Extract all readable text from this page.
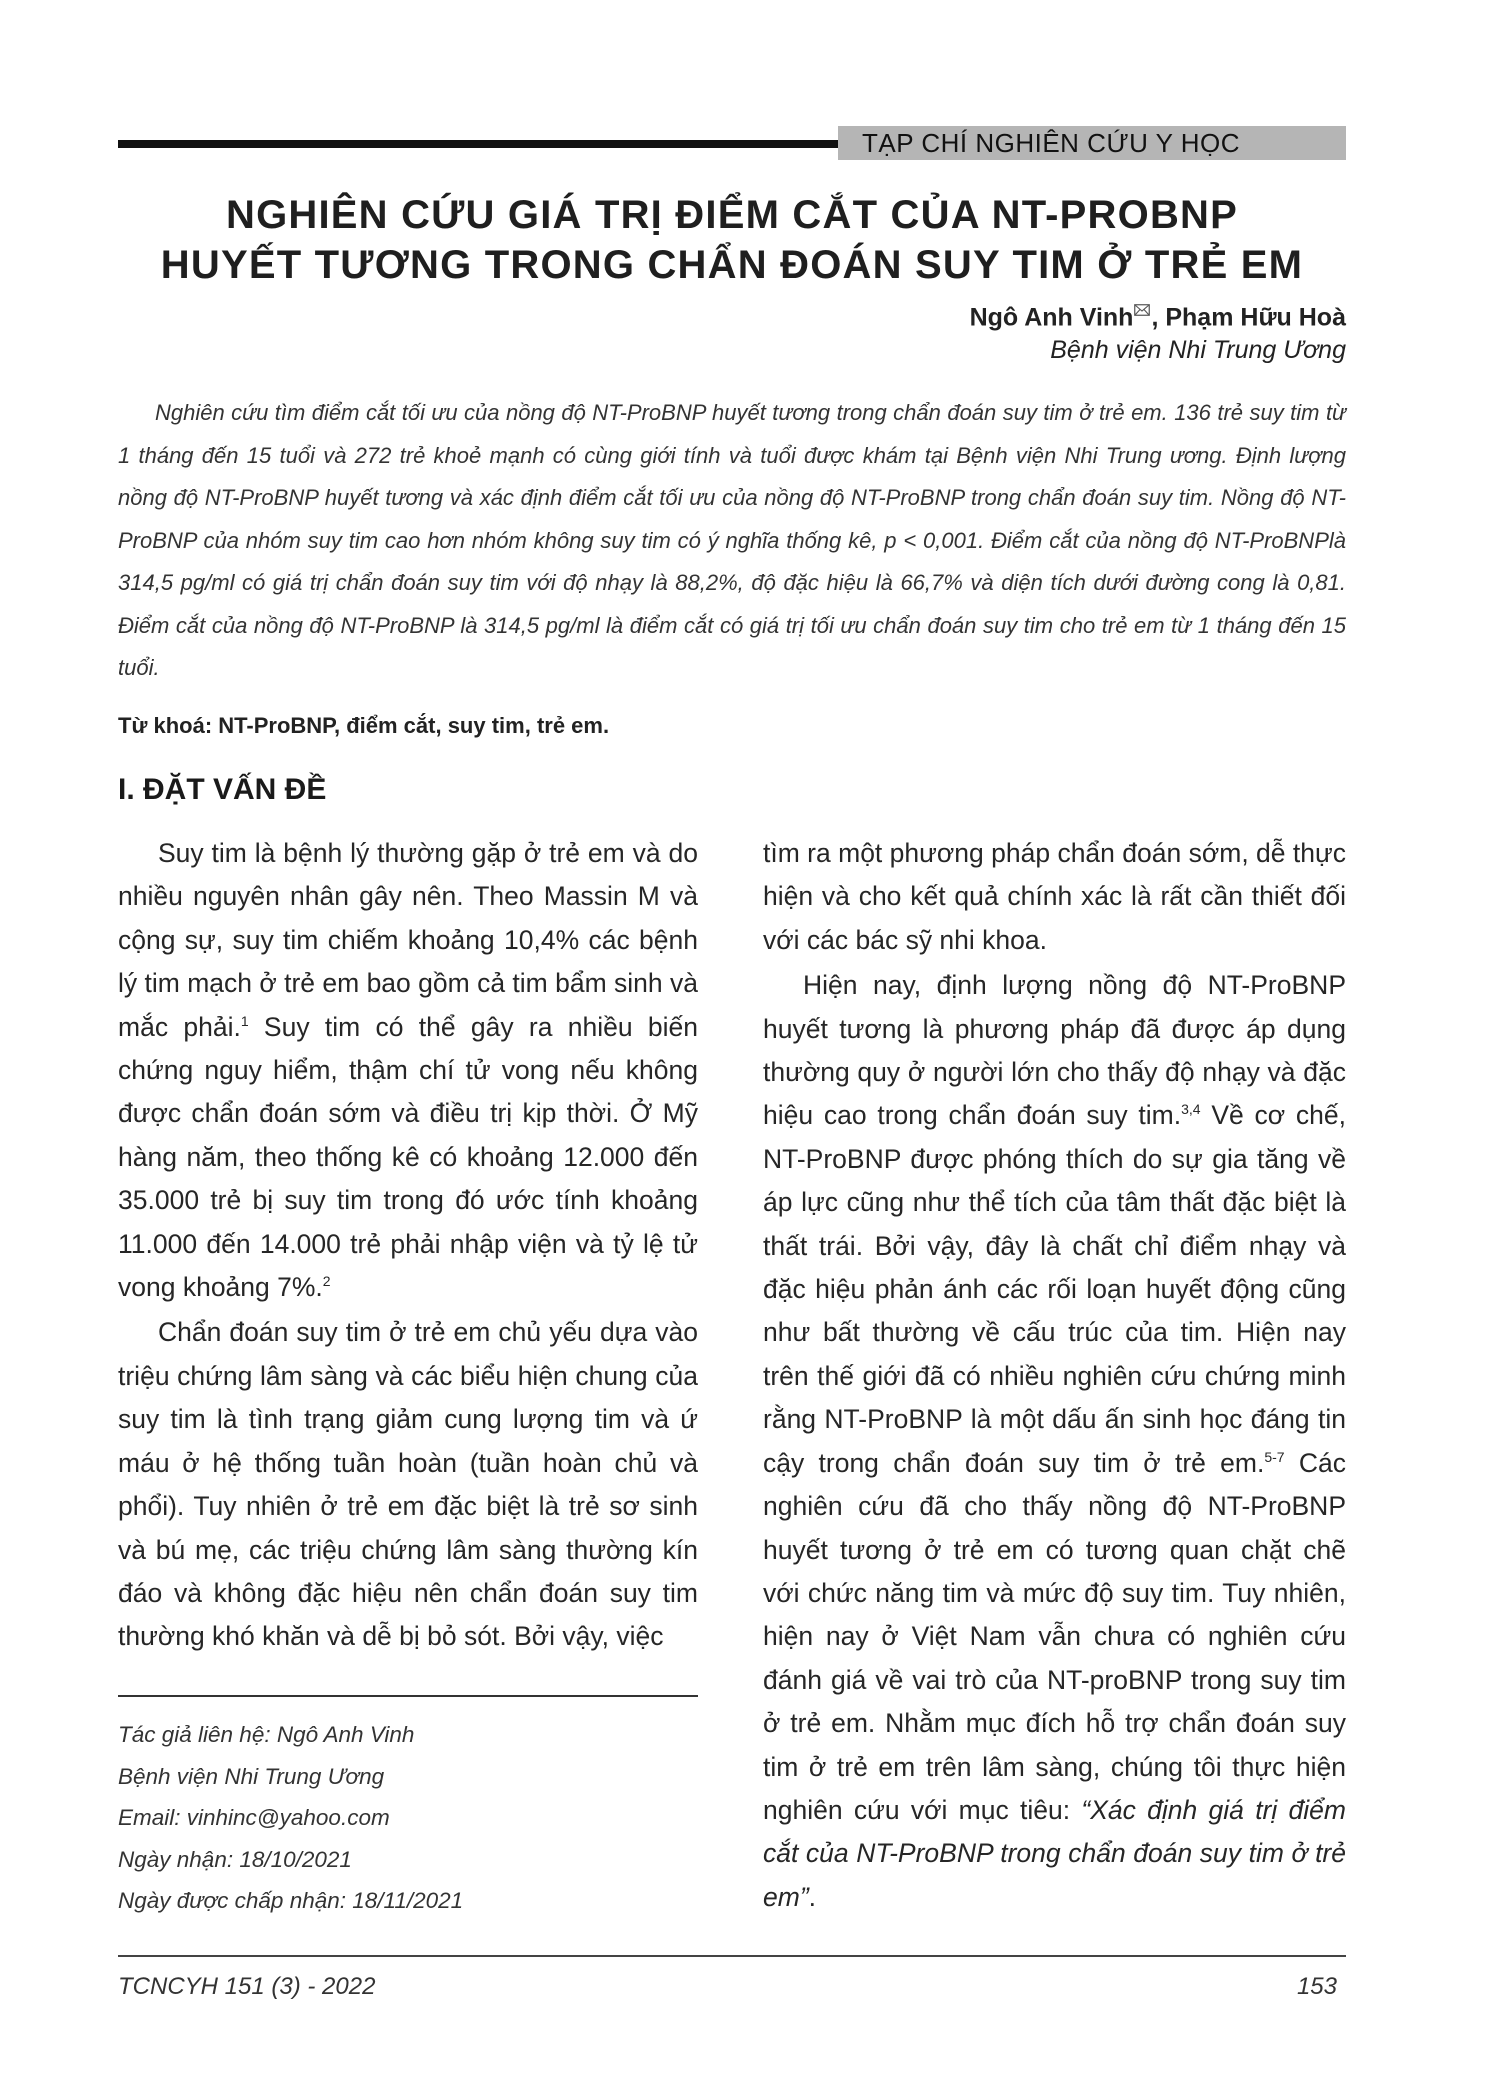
TẠP CHÍ NGHIÊN CỨU Y HỌC
NGHIÊN CỨU GIÁ TRỊ ĐIỂM CẮT CỦA NT-PROBNP
HUYẾT TƯƠNG TRONG CHẨN ĐOÁN SUY TIM Ở TRẺ EM
Ngô Anh Vinh , Phạm Hữu Hoà
Bệnh viện Nhi Trung Ương

Nghiên cứu tìm điểm cắt tối ưu của nồng độ NT-ProBNP huyết tương trong chẩn đoán suy tim ở trẻ em. 136 trẻ suy tim từ 1 tháng đến 15 tuổi và 272 trẻ khoẻ mạnh có cùng giới tính và tuổi được khám tại Bệnh viện Nhi Trung ương. Định lượng nồng độ NT-ProBNP huyết tương và xác định điểm cắt tối ưu của nồng độ NT-ProBNP trong chẩn đoán suy tim. Nồng độ NT-ProBNP của nhóm suy tim cao hơn nhóm không suy tim có ý nghĩa thống kê, p < 0,001. Điểm cắt của nồng độ NT-ProBNPlà 314,5 pg/ml có giá trị chẩn đoán suy tim với độ nhạy là 88,2%, độ đặc hiệu là 66,7% và diện tích dưới đường cong là 0,81. Điểm cắt của nồng độ NT-ProBNP là 314,5 pg/ml là điểm cắt có giá trị tối ưu chẩn đoán suy tim cho trẻ em từ 1 tháng đến 15 tuổi.

Từ khoá: NT-ProBNP, điểm cắt, suy tim, trẻ em.
I. ĐẶT VẤN ĐỀ

Suy tim là bệnh lý thường gặp ở trẻ em và do nhiều nguyên nhân gây nên. Theo Massin M và cộng sự, suy tim chiếm khoảng 10,4% các bệnh lý tim mạch ở trẻ em bao gồm cả tim bẩm sinh và mắc phải.$^1$ Suy tim có thể gây ra nhiều biến chứng nguy hiểm, thậm chí tử vong nếu không được chẩn đoán sớm và điều trị kịp thời. Ở Mỹ hàng năm, theo thống kê có khoảng 12.000 đến 35.000 trẻ bị suy tim trong đó ước tính khoảng 11.000 đến 14.000 trẻ phải nhập viện và tỷ lệ tử vong khoảng 7%.$^2$

Chẩn đoán suy tim ở trẻ em chủ yếu dựa vào triệu chứng lâm sàng và các biểu hiện chung của suy tim là tình trạng giảm cung lượng tim và ứ máu ở hệ thống tuần hoàn (tuần hoàn chủ và phổi). Tuy nhiên ở trẻ em đặc biệt là trẻ sơ sinh và bú mẹ, các triệu chứng lâm sàng thường kín đáo và không đặc hiệu nên chẩn đoán suy tim thường khó khăn và dễ bị bỏ sót. Bởi vậy, việc

Tác giả liên hệ: Ngô Anh Vinh
Bệnh viện Nhi Trung Ương
Email: vinhinc@yahoo.com
Ngày nhận: 18/10/2021
Ngày được chấp nhận: 18/11/2021

tìm ra một phương pháp chẩn đoán sớm, dễ thực hiện và cho kết quả chính xác là rất cần thiết đối với các bác sỹ nhi khoa.

Hiện nay, định lượng nồng độ NT-ProBNP huyết tương là phương pháp đã được áp dụng thường quy ở người lớn cho thấy độ nhạy và đặc hiệu cao trong chẩn đoán suy tim.$^{3,4}$ Về cơ chế, NT-ProBNP được phóng thích do sự gia tăng về áp lực cũng như thể tích của tâm thất đặc biệt là thất trái. Bởi vậy, đây là chất chỉ điểm nhạy và đặc hiệu phản ánh các rối loạn huyết động cũng như bất thường về cấu trúc của tim. Hiện nay trên thế giới đã có nhiều nghiên cứu chứng minh rằng NT-ProBNP là một dấu ấn sinh học đáng tin cậy trong chẩn đoán suy tim ở trẻ em.$^{5-7}$ Các nghiên cứu đã cho thấy nồng độ NT-ProBNP huyết tương ở trẻ em có tương quan chặt chẽ với chức năng tim và mức độ suy tim. Tuy nhiên, hiện nay ở Việt Nam vẫn chưa có nghiên cứu đánh giá về vai trò của NT-proBNP trong suy tim ở trẻ em. Nhằm mục đích hỗ trợ chẩn đoán suy tim ở trẻ em trên lâm sàng, chúng tôi thực hiện nghiên cứu với mục tiêu: “Xác định giá trị điểm cắt của NT-ProBNP trong chẩn đoán suy tim ở trẻ em”.

TCNCYH 151 (3) - 2022	153
